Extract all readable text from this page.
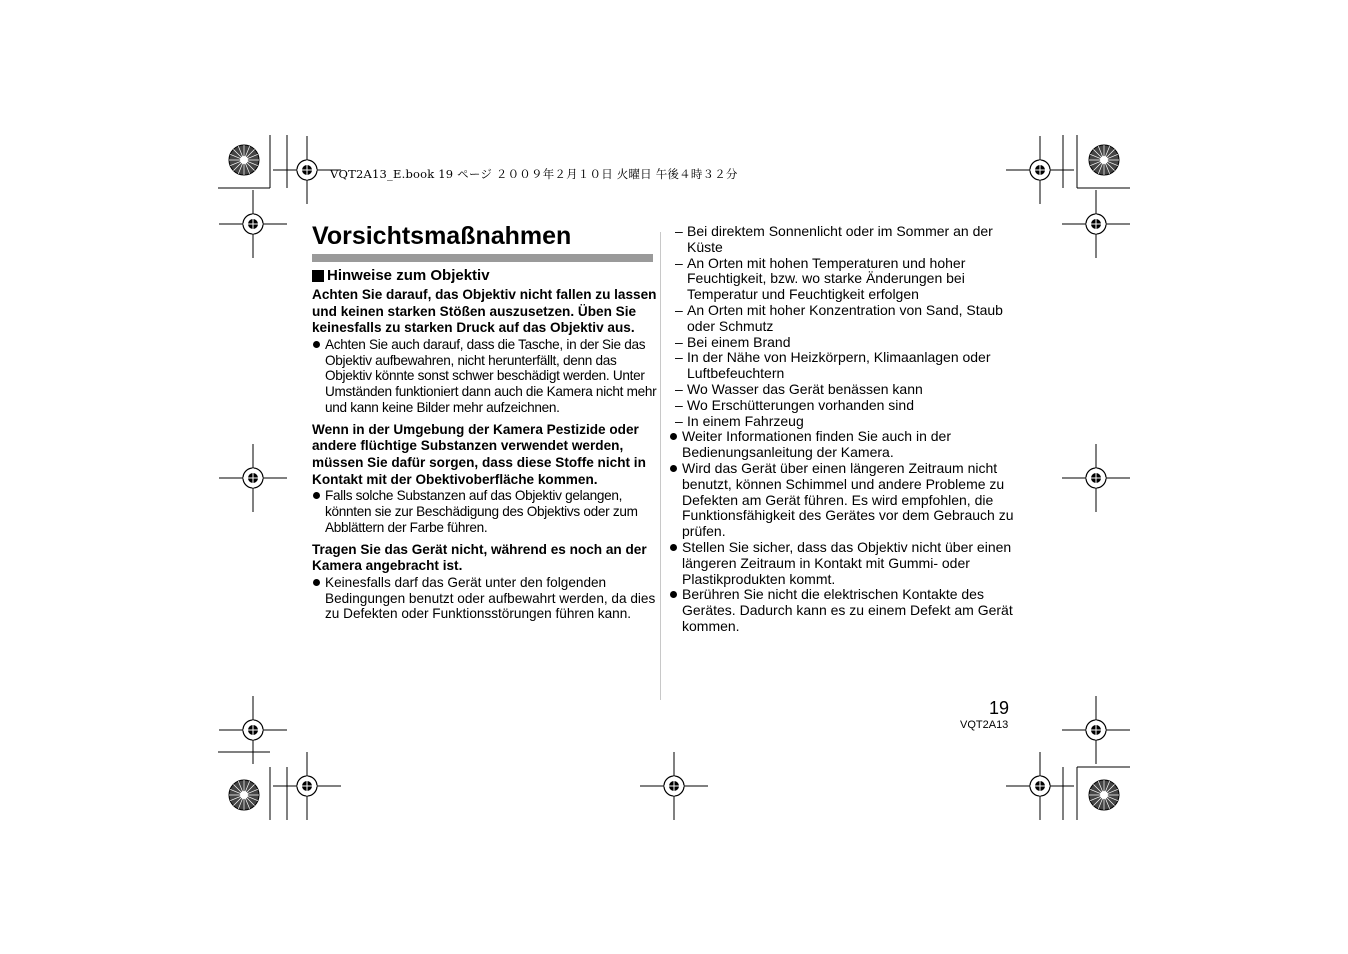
VQT2A13_E.book 19 ページ ２００９年２月１０日 火曜日 午後４時３２分
Vorsichtsmaßnahmen
Hinweise zum Objektiv

Achten Sie darauf, das Objektiv nicht fallen zu lassen und keinen starken Stößen auszusetzen. Üben Sie keinesfalls zu starken Druck auf das Objektiv aus.

Achten Sie auch darauf, dass die Tasche, in der Sie das Objektiv aufbewahren, nicht herunterfällt, denn das Objektiv könnte sonst schwer beschädigt werden. Unter Umständen funktioniert dann auch die Kamera nicht mehr und kann keine Bilder mehr aufzeichnen.

Wenn in der Umgebung der Kamera Pestizide oder andere flüchtige Substanzen verwendet werden, müssen Sie dafür sorgen, dass diese Stoffe nicht in Kontakt mit der Obektivoberfläche kommen.

Falls solche Substanzen auf das Objektiv gelangen, könnten sie zur Beschädigung des Objektivs oder zum Abblättern der Farbe führen.

Tragen Sie das Gerät nicht, während es noch an der Kamera angebracht ist.

Keinesfalls darf das Gerät unter den folgenden Bedingungen benutzt oder aufbewahrt werden, da dies zu Defekten oder Funktionsstörungen führen kann.
– Bei direktem Sonnenlicht oder im Sommer an der Küste
– An Orten mit hohen Temperaturen und hoher Feuchtigkeit, bzw. wo starke Änderungen bei Temperatur und Feuchtigkeit erfolgen
– An Orten mit hoher Konzentration von Sand, Staub oder Schmutz
– Bei einem Brand
– In der Nähe von Heizkörpern, Klimaanlagen oder Luftbefeuchtern
– Wo Wasser das Gerät benässen kann
– Wo Erschütterungen vorhanden sind
– In einem Fahrzeug
Weiter Informationen finden Sie auch in der Bedienungsanleitung der Kamera.
Wird das Gerät über einen längeren Zeitraum nicht benutzt, können Schimmel und andere Probleme zu Defekten am Gerät führen. Es wird empfohlen, die Funktionsfähigkeit des Gerätes vor dem Gebrauch zu prüfen.
Stellen Sie sicher, dass das Objektiv nicht über einen längeren Zeitraum in Kontakt mit Gummi- oder Plastikprodukten kommt.
Berühren Sie nicht die elektrischen Kontakte des Gerätes. Dadurch kann es zu einem Defekt am Gerät kommen.
19
VQT2A13
